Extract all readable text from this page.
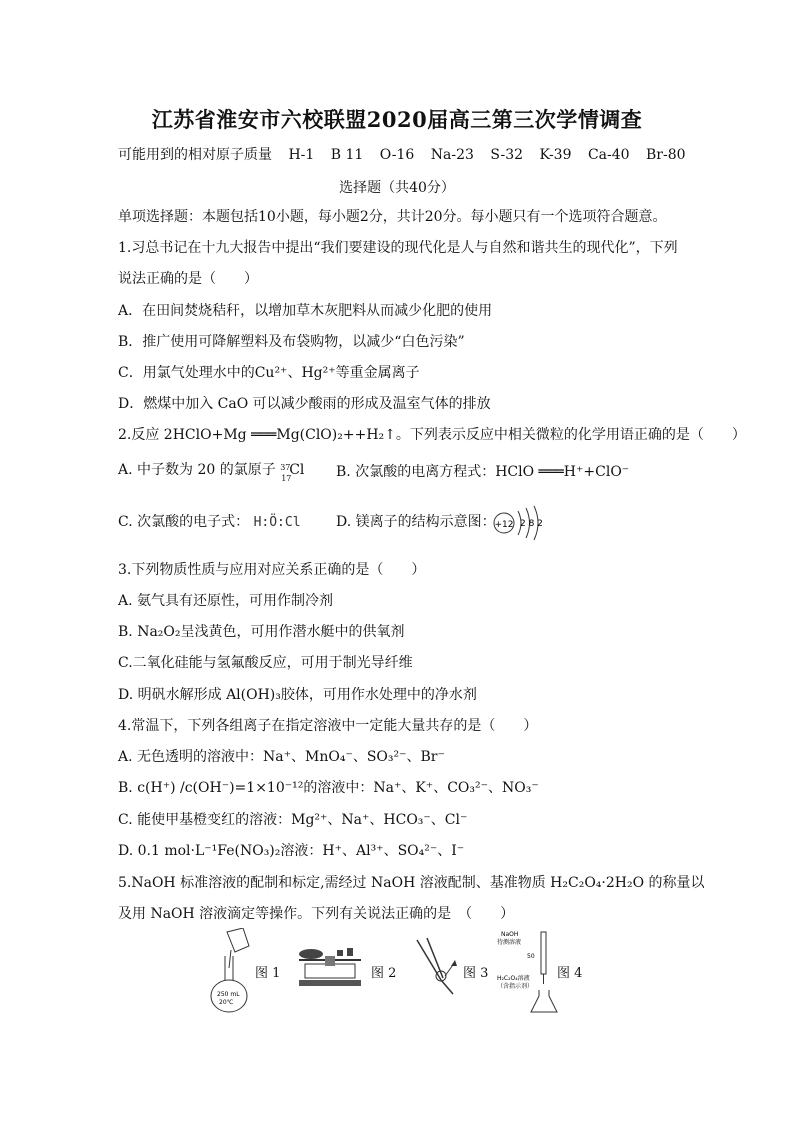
江苏省淮安市六校联盟2020届高三第三次学情调查
可能用到的相对原子质量 H-1 B 11 O-16 Na-23 S-32 K-39 Ca-40 Br-80
选择题（共40分）
单项选择题：本题包括10小题，每小题2分，共计20分。每小题只有一个选项符合题意。
1.习总书记在十九大报告中提出“我们要建设的现代化是人与自然和谐共生的现代化”，下列
说法正确的是（　　）
A．在田间焚烧秸秆，以增加草木灰肥料从而减少化肥的使用
B．推广使用可降解塑料及布袋购物，以减少“白色污染”
C．用氯气处理水中的Cu²⁺、Hg²⁺等重金属离子
D．燃煤中加入 CaO 可以减少酸雨的形成及温室气体的排放
2.反应 2HClO+Mg ═══Mg(ClO)₂++H₂↑。下列表示反应中相关微粒的化学用语正确的是（　　）
A. 中子数为 20 的氯原子 37
17
Cl B. 次氯酸的电离方程式：HClO ═══H⁺+ClO⁻
C. 次氯酸的电子式： H:Ö:Cl	D. 镁离子的结构示意图：
+12 2 8 2
3.下列物质性质与应用对应关系正确的是（　　）
A. 氨气具有还原性，可用作制冷剂
B. Na₂O₂呈浅黄色，可用作潜水艇中的供氧剂
C.二氧化硅能与氢氟酸反应，可用于制光导纤维
D. 明矾水解形成 Al(OH)₃胶体，可用作水处理中的净水剂
4.常温下，下列各组离子在指定溶液中一定能大量共存的是（　　）
A. 无色透明的溶液中：Na⁺、MnO₄⁻、SO₃²⁻、Br⁻
B. c(H⁺) /c(OH⁻)=1×10⁻¹²的溶液中：Na⁺、K⁺、CO₃²⁻、NO₃⁻
C. 能使甲基橙变红的溶液：Mg²⁺、Na⁺、HCO₃⁻、Cl⁻
D. 0.1 mol·L⁻¹Fe(NO₃)₂溶液：H⁺、Al³⁺、SO₄²⁻、I⁻
5.NaOH 标准溶液的配制和标定,需经过 NaOH 溶液配制、基准物质 H₂C₂O₄·2H₂O 的称量以
及用 NaOH 溶液滴定等操作。下列有关说法正确的是　（　　）
250 mL
20℃
图 1	图 2	图 3
NaOH
待测溶液
50
H₂C₂O₄溶液
（含指示剂）
图 4
